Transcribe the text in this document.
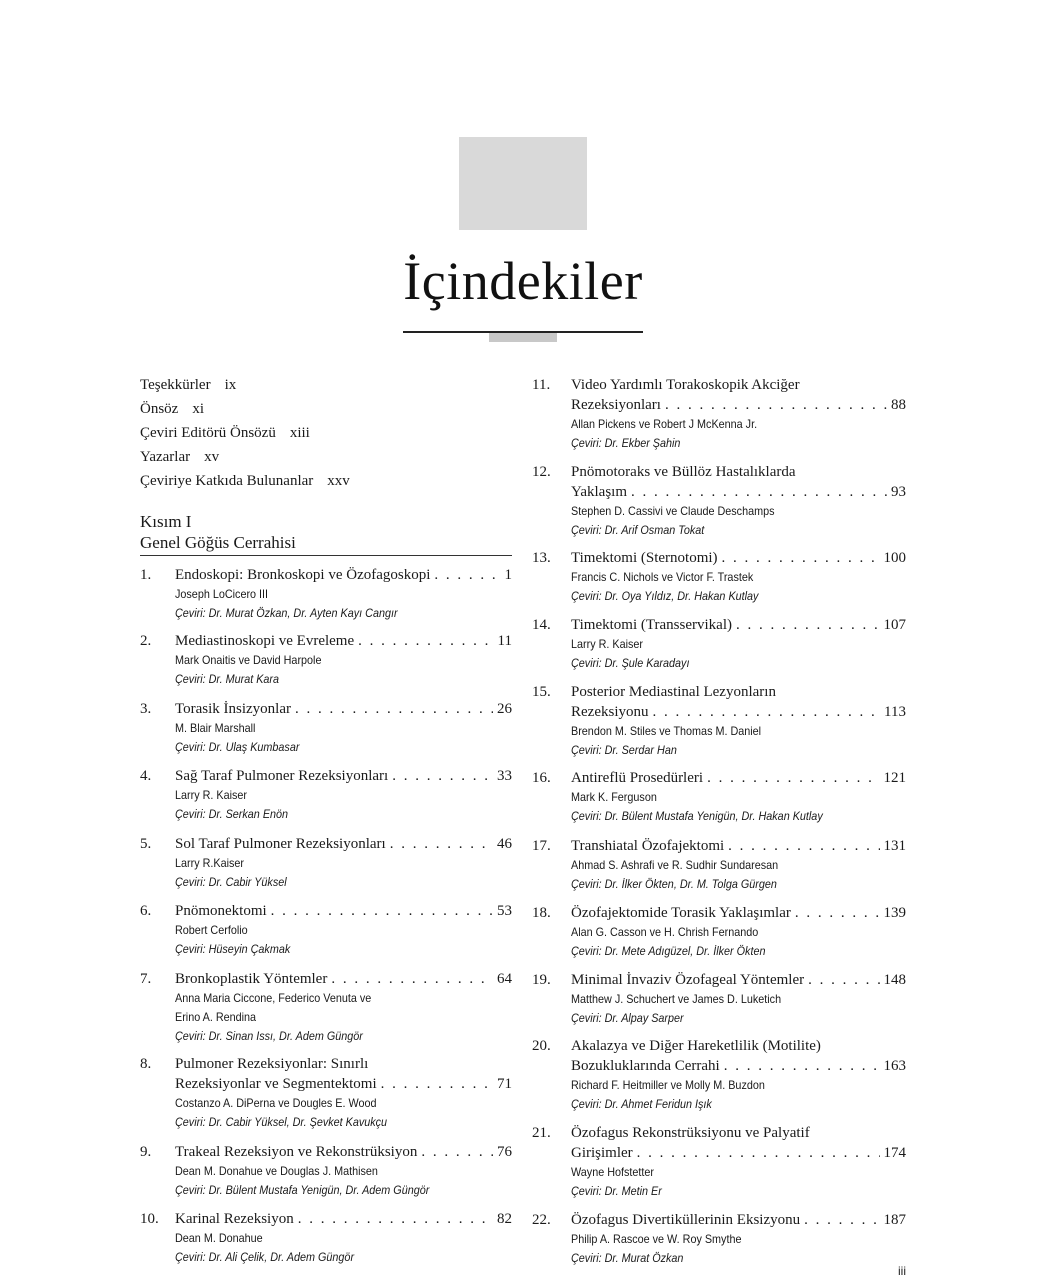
İçindekiler
Teşekkürler ix
Önsöz xi
Çeviri Editörü Önsözü xiii
Yazarlar xv
Çeviriye Katkıda Bulunanlar xxv
Kısım I
Genel Göğüs Cerrahisi
1. Endoskopi: Bronkoskopi ve Özofagoskopi . . .	1
Joseph LoCicero III
Çeviri: Dr. Murat Özkan, Dr. Ayten Kayı Cangır
2. Mediastinoskopi ve Evreleme . . .	11
Mark Onaitis ve David Harpole
Çeviri: Dr. Murat Kara
3. Torasik İnsizyonlar . . .	26
M. Blair Marshall
Çeviri: Dr. Ulaş Kumbasar
4. Sağ Taraf Pulmoner Rezeksiyonları . . .	33
Larry R. Kaiser
Çeviri: Dr. Serkan Enön
5. Sol Taraf Pulmoner Rezeksiyonları . . .	46
Larry R.Kaiser
Çeviri: Dr. Cabir Yüksel
6. Pnömonektomi . . .	53
Robert Cerfolio
Çeviri: Hüseyin Çakmak
7. Bronkoplastik Yöntemler . . .	64
Anna Maria Ciccone, Federico Venuta ve
Erino A. Rendina
Çeviri: Dr. Sinan Issı, Dr. Adem Güngör
8. Pulmoner Rezeksiyonlar: Sınırlı
Rezeksiyonlar ve Segmentektomi . . .	71
Costanzo A. DiPerna ve Dougles E. Wood
Çeviri: Dr. Cabir Yüksel, Dr. Şevket Kavukçu
9. Trakeal Rezeksiyon ve Rekonstrüksiyon . . .	76
Dean M. Donahue ve Douglas J. Mathisen
Çeviri: Dr. Bülent Mustafa Yenigün, Dr. Adem Güngör
10. Karinal Rezeksiyon . . .	82
Dean M. Donahue
Çeviri: Dr. Ali Çelik, Dr. Adem Güngör
11. Video Yardımlı Torakoskopik Akciğer
Rezeksiyonları . . .	88
Allan Pickens ve Robert J McKenna Jr.
Çeviri: Dr. Ekber Şahin
12. Pnömotoraks ve Büllöz Hastalıklarda
Yaklaşım . . .	93
Stephen D. Cassivi ve Claude Deschamps
Çeviri: Dr. Arif Osman Tokat
13. Timektomi (Sternotomi) . . .	100
Francis C. Nichols ve Victor F. Trastek
Çeviri: Dr. Oya Yıldız, Dr. Hakan Kutlay
14. Timektomi (Transservikal) . . .	107
Larry R. Kaiser
Çeviri: Dr. Şule Karadayı
15. Posterior Mediastinal Lezyonların
Rezeksiyonu . . .	113
Brendon M. Stiles ve Thomas M. Daniel
Çeviri: Dr. Serdar Han
16. Antireflü Prosedürleri . . .	121
Mark K. Ferguson
Çeviri: Dr. Bülent Mustafa Yenigün, Dr. Hakan Kutlay
17. Transhiatal Özofajektomi . . .	131
Ahmad S. Ashrafi ve R. Sudhir Sundaresan
Çeviri: Dr. İlker Ökten, Dr. M. Tolga Gürgen
18. Özofajektomide Torasik Yaklaşımlar . . .	139
Alan G. Casson ve H. Chrish Fernando
Çeviri: Dr. Mete Adıgüzel, Dr. İlker Ökten
19. Minimal İnvaziv Özofageal Yöntemler . . .	148
Matthew J. Schuchert ve James D. Luketich
Çeviri: Dr. Alpay Sarper
20. Akalazya ve Diğer Hareketlilik (Motilite)
Bozukluklarında Cerrahi . . .	163
Richard F. Heitmiller ve Molly M. Buzdon
Çeviri: Dr. Ahmet Feridun Işık
21. Özofagus Rekonstrüksiyonu ve Palyatif
Girişimler . . .	174
Wayne Hofstetter
Çeviri: Dr. Metin Er
22. Özofagus Divertiküllerinin Eksizyonu . . .	187
Philip A. Rascoe ve W. Roy Smythe
Çeviri: Dr. Murat Özkan
iii
